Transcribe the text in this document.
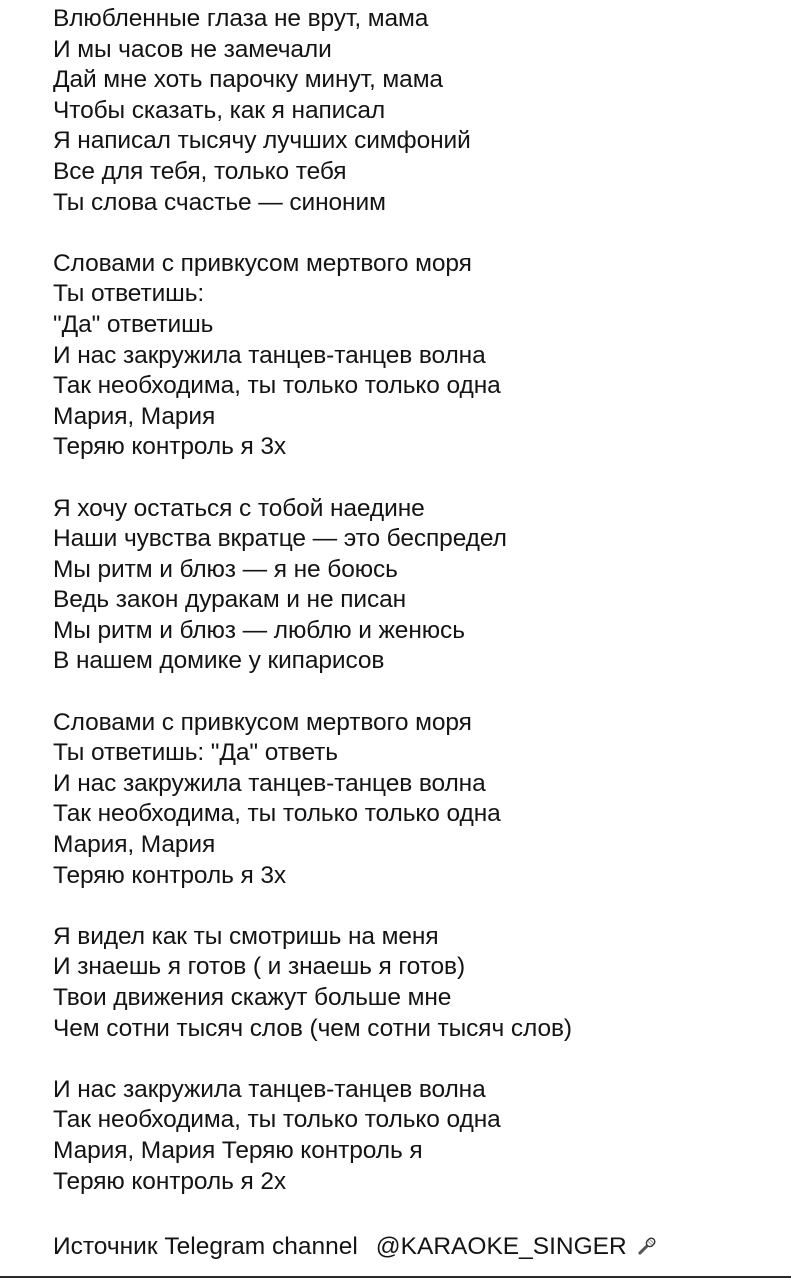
Влюбленные глаза не врут, мама
И мы часов не замечали
Дай мне хоть парочку минут, мама
Чтобы сказать, как я написал
Я написал тысячу лучших симфоний
Все для тебя, только тебя
Ты слова счастье — синоним
Словами с привкусом мертвого моря
Ты ответишь:
"Да" ответишь
И нас закружила танцев-танцев волна
Так необходима, ты только только одна
Мария, Мария
Теряю контроль я 3х
Я хочу остаться с тобой наедине
Наши чувства вкратце — это беспредел
Мы ритм и блюз — я не боюсь
Ведь закон дуракам и не писан
Мы ритм и блюз — люблю и женюсь
В нашем домике у кипарисов
Словами с привкусом мертвого моря
Ты ответишь: "Да" ответь
И нас закружила танцев-танцев волна
Так необходима, ты только только одна
Мария, Мария
Теряю контроль я 3х
Я видел как ты смотришь на меня
И знаешь я готов ( и знаешь я готов)
Твои движения скажут больше мне
Чем сотни тысяч слов (чем сотни тысяч слов)
И нас закружила танцев-танцев волна
Так необходима, ты только только одна
Мария, Мария Теряю контроль я
Теряю контроль я 2х
Источник Telegram channel @KARAOKE_SINGER
